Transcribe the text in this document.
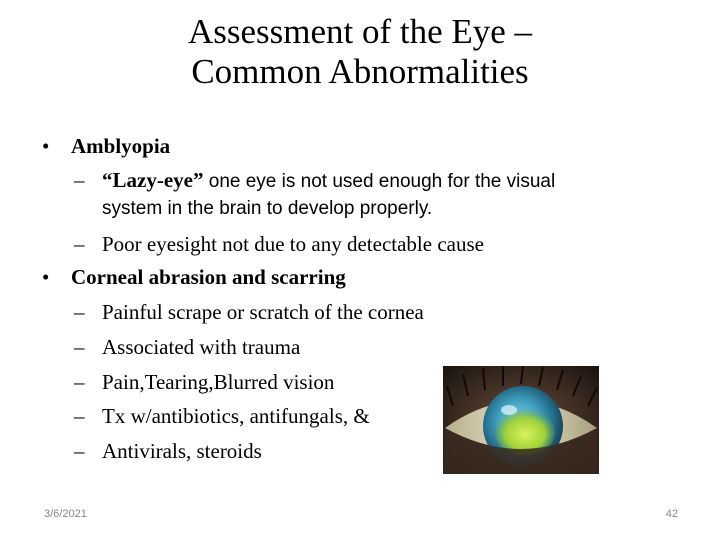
Assessment of the Eye –
Common Abnormalities
• Amblyopia
– “Lazy-eye” one eye is not used enough for the visual
system in the brain to develop properly.
– Poor eyesight not due to any detectable cause
• Corneal abrasion and scarring
– Painful scrape or scratch of the cornea
– Associated with trauma
– Pain,Tearing,Blurred vision
– Tx w/antibiotics, antifungals, &
– Antivirals, steroids
3/6/2021	42
